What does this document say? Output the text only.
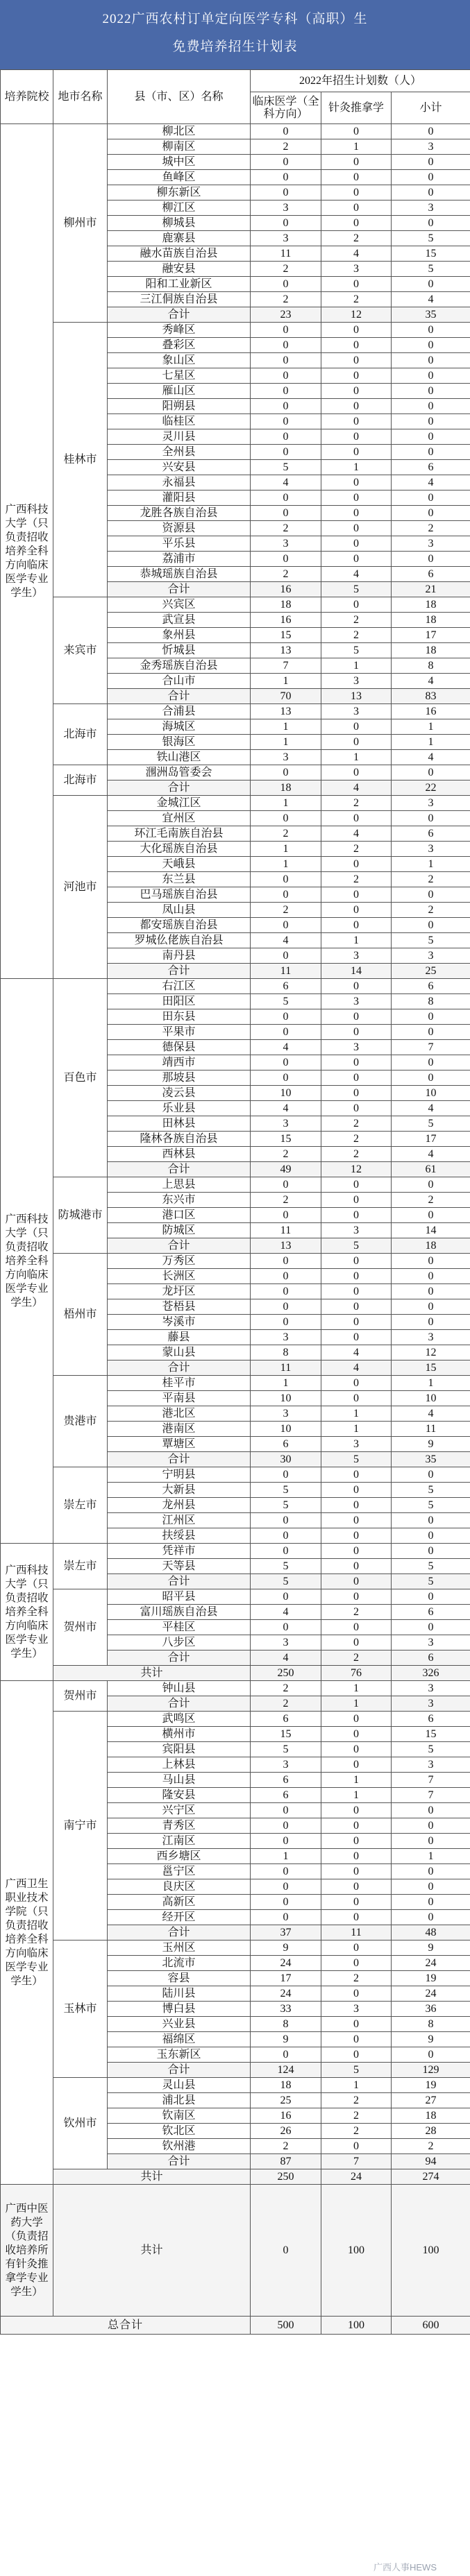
2022广西农村订单定向医学专科（高职）生
免费培养招生计划表
培养院校	地市名称	县（市、区）名称	2022年招生计划数（人）		
			临床医学（全科方向）	针灸推拿学	小计

广西科技大学（只负责招收培养全科方向临床医学专业学生）	柳州市	柳北区	0	0	0
		柳南区	2	1	3
		城中区	0	0	0
		鱼峰区	0	0	0
		柳东新区	0	0	0
		柳江区	3	0	3
		柳城县	0	0	0
		鹿寨县	3	2	5
		融水苗族自治县	11	4	15
		融安县	2	3	5
		阳和工业新区	0	0	0
		三江侗族自治县	2	2	4
		合计	23	12	35
	桂林市	秀峰区	0	0	0
		叠彩区	0	0	0
		象山区	0	0	0
		七星区	0	0	0
		雁山区	0	0	0
		阳朔县	0	0	0
		临桂区	0	0	0
		灵川县	0	0	0
		全州县	0	0	0
		兴安县	5	1	6
		永福县	4	0	4
		灌阳县	0	0	0
		龙胜各族自治县	0	0	0
		资源县	2	0	2
		平乐县	3	0	3
		荔浦市	0	0	0
		恭城瑶族自治县	2	4	6
		合计	16	5	21
	来宾市	兴宾区	18	0	18
		武宣县	16	2	18
		象州县	15	2	17
		忻城县	13	5	18
		金秀瑶族自治县	7	1	8
		合山市	1	3	4
		合计	70	13	83
	北海市	合浦县	13	3	16
		海城区	1	0	1
		银海区	1	0	1
		铁山港区	3	1	4
	北海市	涠洲岛管委会	0	0	0
		合计	18	4	22
	河池市	金城江区	1	2	3
		宜州区	0	0	0
		环江毛南族自治县	2	4	6
		大化瑶族自治县	1	2	3
		天峨县	1	0	1
		东兰县	0	2	2
		巴马瑶族自治县	0	0	0
		凤山县	2	0	2
		都安瑶族自治县	0	0	0
		罗城仫佬族自治县	4	1	5
		南丹县	0	3	3
		合计	11	14	25
广西科技大学（只负责招收培养全科方向临床医学专业学生）	百色市	右江区	6	0	6
		田阳区	5	3	8
		田东县	0	0	0
		平果市	0	0	0
		德保县	4	3	7
		靖西市	0	0	0
		那坡县	0	0	0
		凌云县	10	0	10
		乐业县	4	0	4
		田林县	3	2	5
		隆林各族自治县	15	2	17
		西林县	2	2	4
		合计	49	12	61
	防城港市	上思县	0	0	0
		东兴市	2	0	2
		港口区	0	0	0
		防城区	11	3	14
		合计	13	5	18
	梧州市	万秀区	0	0	0
		长洲区	0	0	0
		龙圩区	0	0	0
		苍梧县	0	0	0
		岑溪市	0	0	0
		藤县	3	0	3
		蒙山县	8	4	12
		合计	11	4	15
	贵港市	桂平市	1	0	1
		平南县	10	0	10
		港北区	3	1	4
		港南区	10	1	11
		覃塘区	6	3	9
		合计	30	5	35
	崇左市	宁明县	0	0	0
		大新县	5	0	5
		龙州县	5	0	5
		江州区	0	0	0
		扶绥县	0	0	0
广西科技大学（只负责招收培养全科方向临床医学专业学生）	崇左市	凭祥市	0	0	0
		天等县	5	0	5
		合计	5	0	5
	贺州市	昭平县	0	0	0
		富川瑶族自治县	4	2	6
		平桂区	0	0	0
		八步区	3	0	3
		合计	4	2	6
	共计		250	76	326
广西卫生职业技术学院（只负责招收培养全科方向临床医学专业学生）	贺州市	钟山县	2	1	3
		合计	2	1	3
	南宁市	武鸣区	6	0	6
		横州市	15	0	15
		宾阳县	5	0	5
		上林县	3	0	3
		马山县	6	1	7
		隆安县	6	1	7
		兴宁区	0	0	0
		青秀区	0	0	0
		江南区	0	0	0
		西乡塘区	1	0	1
		邕宁区	0	0	0
		良庆区	0	0	0
		高新区	0	0	0
		经开区	0	0	0
		合计	37	11	48
	玉林市	玉州区	9	0	9
		北流市	24	0	24
		容县	17	2	19
		陆川县	24	0	24
		博白县	33	3	36
		兴业县	8	0	8
		福绵区	9	0	9
		玉东新区	0	0	0
		合计	124	5	129
	钦州市	灵山县	18	1	19
		浦北县	25	2	27
		钦南区	16	2	18
		钦北区	26	2	28
		钦州港	2	0	2
		合计	87	7	94
	共计		250	24	274
广西中医药大学（负责招收培养所有针灸推拿学专业学生）	共计		0	100	100
总合计			500	100	600
广西人事HEWS
